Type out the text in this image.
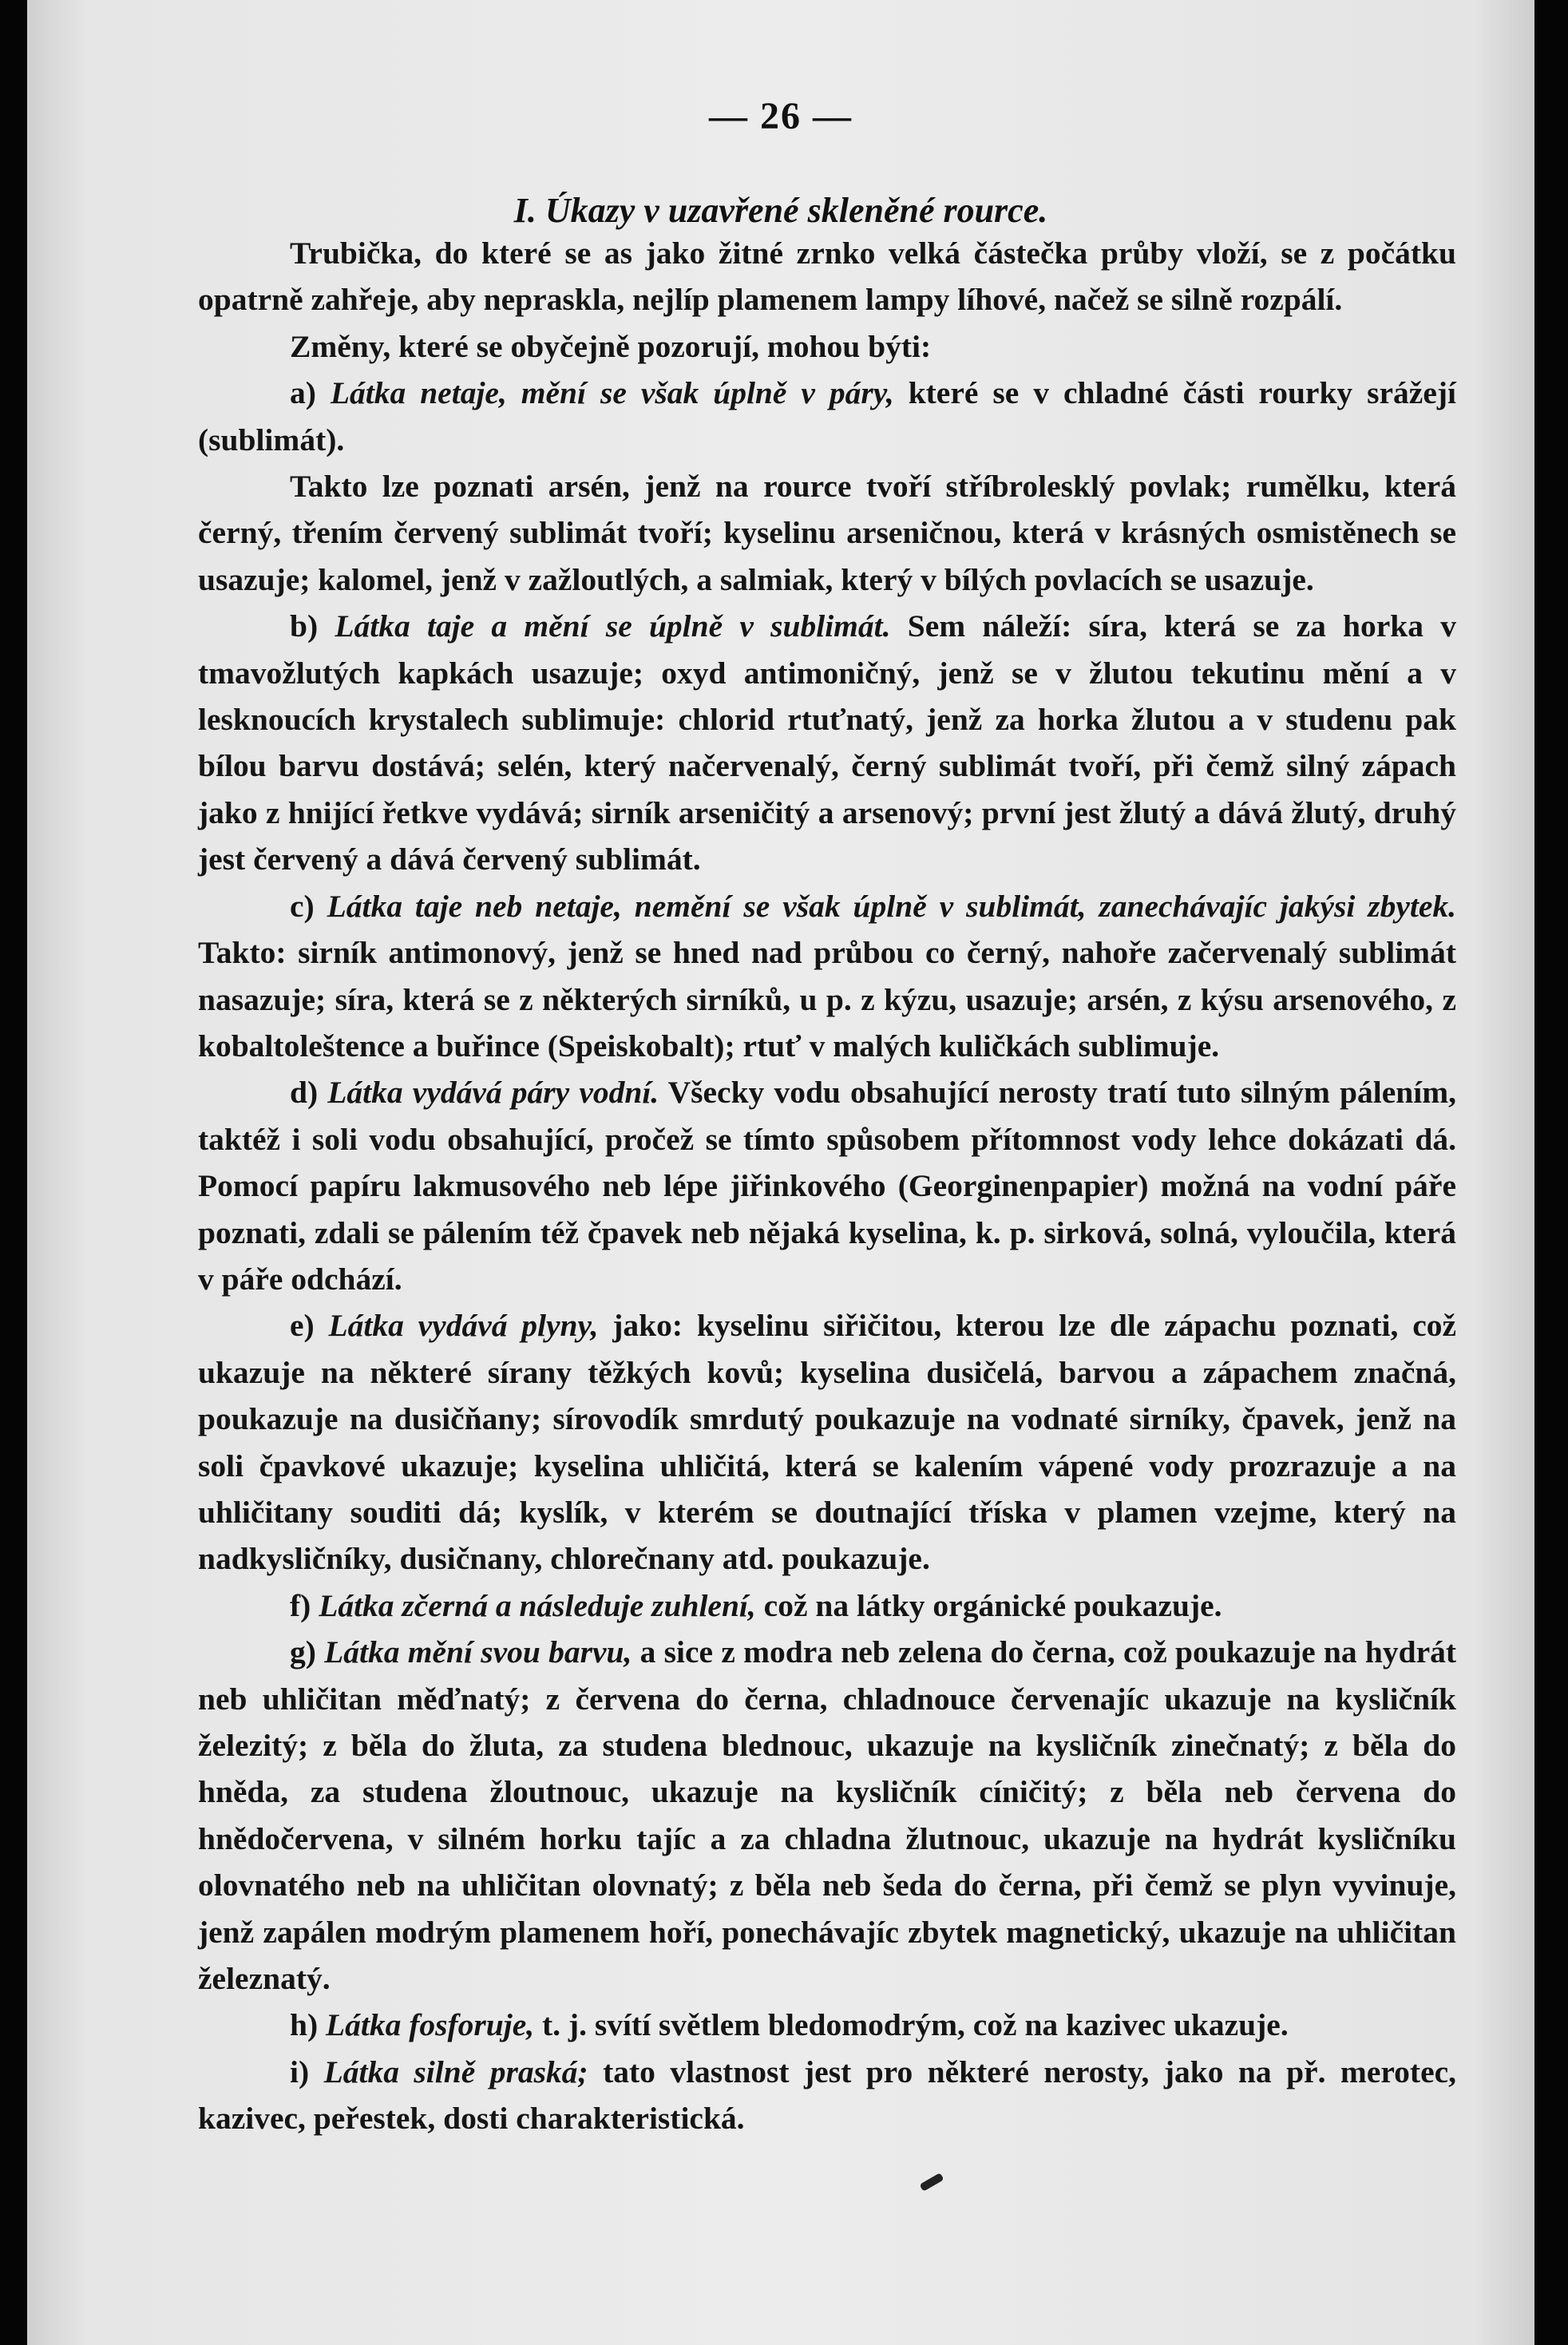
— 26 —
I. Úkazy v uzavřené skleněné rource.

Trubička, do které se as jako žitné zrnko velká částečka průby vloží, se z počátku opatrně zahřeje, aby nepraskla, nejlíp plamenem lampy líhové, načež se silně rozpálí.

Změny, které se obyčejně pozorují, mohou býti:

a) Látka netaje, mění se však úplně v páry, které se v chladné části rourky srážejí (sublimát).

Takto lze poznati arsén, jenž na rource tvoří stříbrolesklý povlak; rumělku, která černý, třením červený sublimát tvoří; kyselinu arseničnou, která v krásných osmistěnech se usazuje; kalomel, jenž v zažloutlých, a salmiak, který v bílých povlacích se usazuje.

b) Látka taje a mění se úplně v sublimát. Sem náleží: síra, která se za horka v tmavožlutých kapkách usazuje; oxyd antimoničný, jenž se v žlutou tekutinu mění a v lesknoucích krystalech sublimuje: chlorid rtuťnatý, jenž za horka žlutou a v studenu pak bílou barvu dostává; selén, který načervenalý, černý sublimát tvoří, při čemž silný zápach jako z hnijící řetkve vydává; sirník arseničitý a arsenový; první jest žlutý a dává žlutý, druhý jest červený a dává červený sublimát.

c) Látka taje neb netaje, nemění se však úplně v sublimát, zanechávajíc jakýsi zbytek. Takto: sirník antimonový, jenž se hned nad průbou co černý, nahoře začervenalý sublimát nasazuje; síra, která se z některých sirníků, u p. z kýzu, usazuje; arsén, z kýsu arsenového, z kobaltoleštence a buřince (Speiskobalt); rtuť v malých kuličkách sublimuje.

d) Látka vydává páry vodní. Všecky vodu obsahující nerosty tratí tuto silným pálením, taktéž i soli vodu obsahující, pročež se tímto spůsobem přítomnost vody lehce dokázati dá. Pomocí papíru lakmusového neb lépe jiřinkového (Georginenpapier) možná na vodní páře poznati, zdali se pálením též čpavek neb nějaká kyselina, k. p. sirková, solná, vyloučila, která v páře odchází.

e) Látka vydává plyny, jako: kyselinu siřičitou, kterou lze dle zápachu poznati, což ukazuje na některé sírany těžkých kovů; kyselina dusičelá, barvou a zápachem značná, poukazuje na dusičňany; sírovodík smrdutý poukazuje na vodnaté sirníky, čpavek, jenž na soli čpavkové ukazuje; kyselina uhličitá, která se kalením vápené vody prozrazuje a na uhličitany souditi dá; kyslík, v kterém se doutnající tříska v plamen vzejme, který na nadkysličníky, dusičnany, chlorečnany atd. poukazuje.

f) Látka zčerná a následuje zuhlení, což na látky orgánické poukazuje.

g) Látka mění svou barvu, a sice z modra neb zelena do černa, což poukazuje na hydrát neb uhličitan měďnatý; z červena do černa, chladnouce červenajíc ukazuje na kysličník železitý; z běla do žluta, za studena blednouc, ukazuje na kysličník zinečnatý; z běla do hněda, za studena žloutnouc, ukazuje na kysličník cíničitý; z běla neb červena do hnědočervena, v silném horku tajíc a za chladna žlutnouc, ukazuje na hydrát kysličníku olovnatého neb na uhličitan olovnatý; z běla neb šeda do černa, při čemž se plyn vyvinuje, jenž zapálen modrým plamenem hoří, ponechávajíc zbytek magnetický, ukazuje na uhličitan železnatý.

h) Látka fosforuje, t. j. svítí světlem bledomodrým, což na kazivec ukazuje.

i) Látka silně praská; tato vlastnost jest pro některé nerosty, jako na př. merotec, kazivec, peřestek, dosti charakteristická.
